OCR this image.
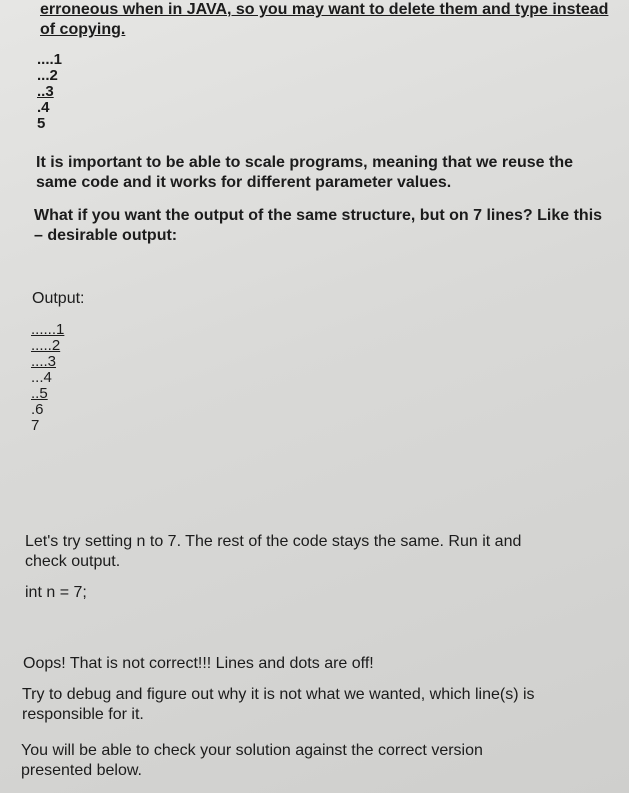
erroneous when in JAVA, so you may want to delete them and type instead
of copying.
....1
...2
..3
.4
5
It is important to be able to scale programs, meaning that we reuse the
same code and it works for different parameter values.
What if you want the output of the same structure, but on 7 lines? Like this
– desirable output:
Output:
......1
.....2
....3
...4
..5
.6
7
Let's try setting n to 7. The rest of the code stays the same. Run it and
check output.
int n = 7;
Oops! That is not correct!!! Lines and dots are off!
Try to debug and figure out why it is not what we wanted, which line(s) is
responsible for it.
You will be able to check your solution against the correct version
presented below.
